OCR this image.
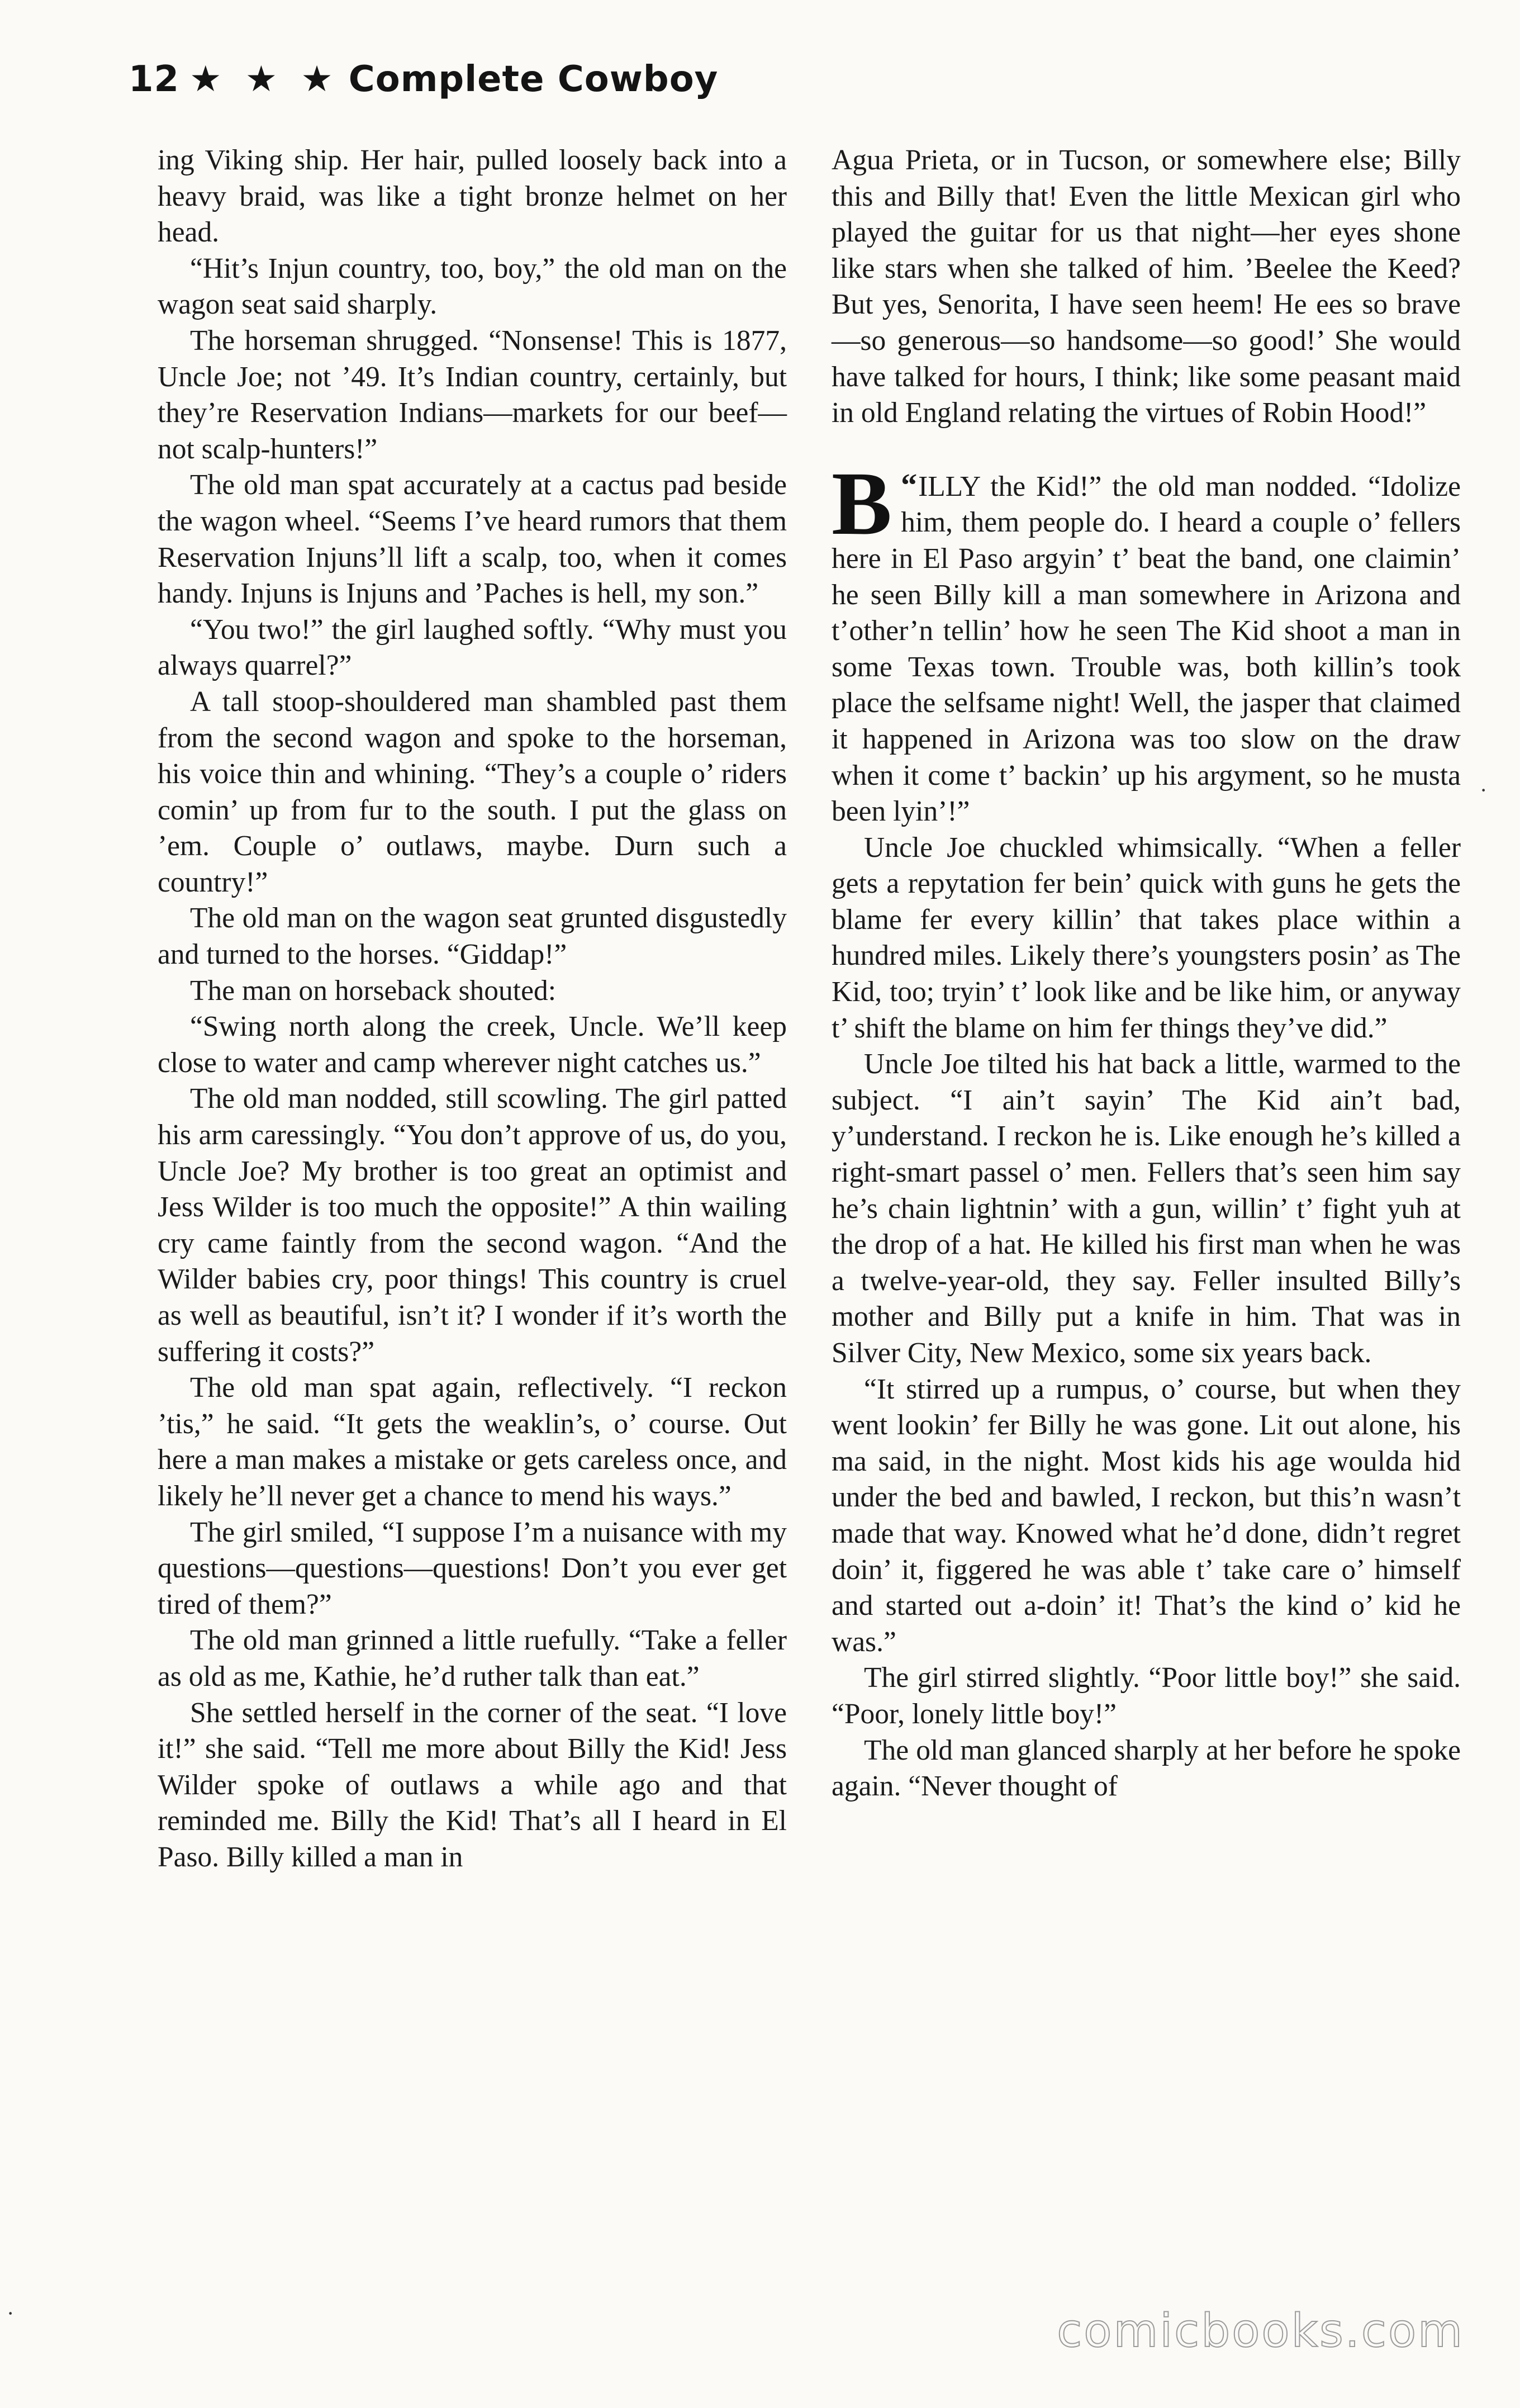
12 ★ ★ ★ Complete Cowboy

ing Viking ship. Her hair, pulled loosely back into a heavy braid, was like a tight bronze helmet on her head.

“Hit’s Injun country, too, boy,” the old man on the wagon seat said sharply.

The horseman shrugged. “Nonsense! This is 1877, Uncle Joe; not ’49. It’s Indian country, certainly, but they’re Reservation Indians—markets for our beef—not scalp-hunters!”

The old man spat accurately at a cactus pad beside the wagon wheel. “Seems I’ve heard rumors that them Reservation Injuns’ll lift a scalp, too, when it comes handy. Injuns is Injuns and ’Paches is hell, my son.”

“You two!” the girl laughed softly. “Why must you always quarrel?”

A tall stoop-shouldered man shambled past them from the second wagon and spoke to the horseman, his voice thin and whining. “They’s a couple o’ riders comin’ up from fur to the south. I put the glass on ’em. Couple o’ outlaws, maybe. Durn such a country!”

The old man on the wagon seat grunted disgustedly and turned to the horses. “Giddap!”

The man on horseback shouted:

“Swing north along the creek, Uncle. We’ll keep close to water and camp wherever night catches us.”

The old man nodded, still scowling. The girl patted his arm caressingly. “You don’t approve of us, do you, Uncle Joe? My brother is too great an optimist and Jess Wilder is too much the opposite!” A thin wailing cry came faintly from the second wagon. “And the Wilder babies cry, poor things! This country is cruel as well as beautiful, isn’t it? I wonder if it’s worth the suffering it costs?”

The old man spat again, reflectively. “I reckon ’tis,” he said. “It gets the weaklin’s, o’ course. Out here a man makes a mistake or gets careless once, and likely he’ll never get a chance to mend his ways.”

The girl smiled, “I suppose I’m a nuisance with my questions—questions—questions! Don’t you ever get tired of them?”

The old man grinned a little ruefully. “Take a feller as old as me, Kathie, he’d ruther talk than eat.”

She settled herself in the corner of the seat. “I love it!” she said. “Tell me more about Billy the Kid! Jess Wilder spoke of outlaws a while ago and that reminded me. Billy the Kid! That’s all I heard in El Paso. Billy killed a man in

Agua Prieta, or in Tucson, or somewhere else; Billy this and Billy that! Even the little Mexican girl who played the guitar for us that night—her eyes shone like stars when she talked of him. ’Beelee the Keed? But yes, Senorita, I have seen heem! He ees so brave—so generous—so handsome—so good!’ She would have talked for hours, I think; like some peasant maid in old England relating the virtues of Robin Hood!”

B “ILLY the Kid!” the old man nodded. “Idolize him, them people do. I heard a couple o’ fellers here in El Paso argyin’ t’ beat the band, one claimin’ he seen Billy kill a man somewhere in Arizona and t’other’n tellin’ how he seen The Kid shoot a man in some Texas town. Trouble was, both killin’s took place the selfsame night! Well, the jasper that claimed it happened in Arizona was too slow on the draw when it come t’ backin’ up his argyment, so he musta been lyin’!”

Uncle Joe chuckled whimsically. “When a feller gets a repytation fer bein’ quick with guns he gets the blame fer every killin’ that takes place within a hundred miles. Likely there’s youngsters posin’ as The Kid, too; tryin’ t’ look like and be like him, or anyway t’ shift the blame on him fer things they’ve did.”

Uncle Joe tilted his hat back a little, warmed to the subject. “I ain’t sayin’ The Kid ain’t bad, y’understand. I reckon he is. Like enough he’s killed a right-smart passel o’ men. Fellers that’s seen him say he’s chain lightnin’ with a gun, willin’ t’ fight yuh at the drop of a hat. He killed his first man when he was a twelve-year-old, they say. Feller insulted Billy’s mother and Billy put a knife in him. That was in Silver City, New Mexico, some six years back.

“It stirred up a rumpus, o’ course, but when they went lookin’ fer Billy he was gone. Lit out alone, his ma said, in the night. Most kids his age woulda hid under the bed and bawled, I reckon, but this’n wasn’t made that way. Knowed what he’d done, didn’t regret doin’ it, figgered he was able t’ take care o’ himself and started out a-doin’ it! That’s the kind o’ kid he was.”

The girl stirred slightly. “Poor little boy!” she said. “Poor, lonely little boy!”

The old man glanced sharply at her before he spoke again. “Never thought of

comicbooks.com
·
·
